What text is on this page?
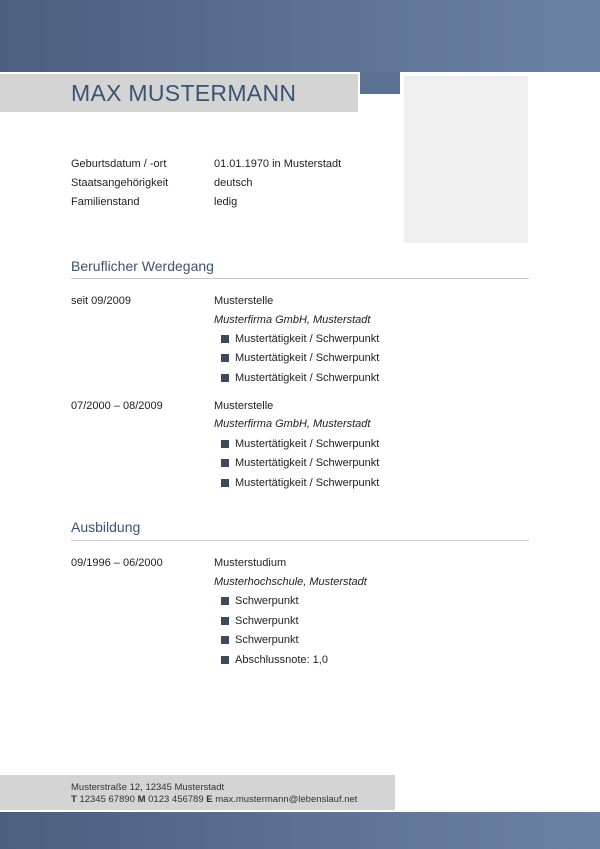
MAX MUSTERMANN
Geburtsdatum / -ort	01.01.1970 in Musterstadt
Staatsangehörigkeit	deutsch
Familienstand	ledig
Beruflicher Werdegang
seit 09/2009	Musterstelle
Musterfirma GmbH, Musterstadt
Mustertätigkeit / Schwerpunkt
Mustertätigkeit / Schwerpunkt
Mustertätigkeit / Schwerpunkt
07/2000 – 08/2009	Musterstelle
Musterfirma GmbH, Musterstadt
Mustertätigkeit / Schwerpunkt
Mustertätigkeit / Schwerpunkt
Mustertätigkeit / Schwerpunkt
Ausbildung
09/1996 – 06/2000	Musterstudium
Musterhochschule, Musterstadt
Schwerpunkt
Schwerpunkt
Schwerpunkt
Abschlussnote: 1,0
Musterstraße 12, 12345 Musterstadt
T 12345 67890 M 0123 456789 E max.mustermann@lebenslauf.net
